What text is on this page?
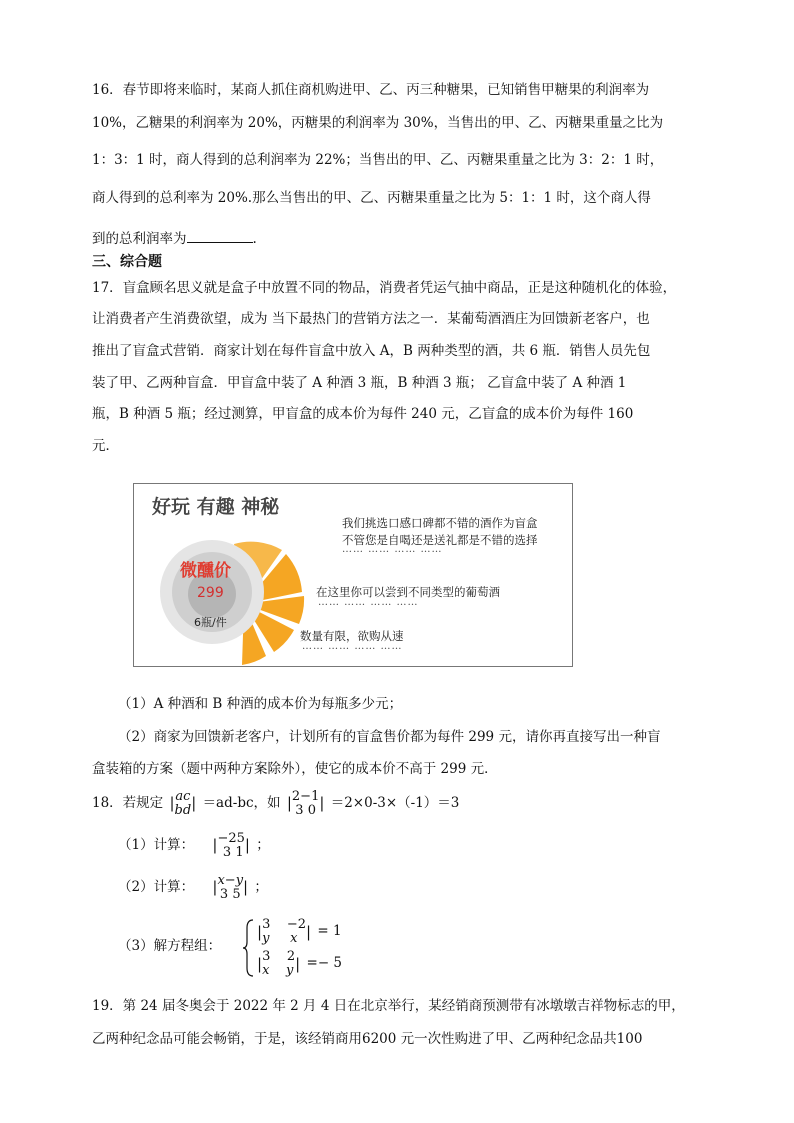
16．春节即将来临时，某商人抓住商机购进甲、乙、丙三种糖果，已知销售甲糖果的利润率为
10%，乙糖果的利润率为 20%，丙糖果的利润率为 30%，当售出的甲、乙、丙糖果重量之比为
1：3：1 时，商人得到的总利润率为 22%；当售出的甲、乙、丙糖果重量之比为 3：2：1 时，
商人得到的总利率为 20%.那么当售出的甲、乙、丙糖果重量之比为 5：1：1 时，这个商人得
到的总利润率为	.
三、综合题
17．盲盒顾名思义就是盒子中放置不同的物品，消费者凭运气抽中商品，正是这种随机化的体验，
让消费者产生消费欲望，成为 当下最热门的营销方法之一．某葡萄酒酒庄为回馈新老客户，也
推出了盲盒式营销．商家计划在每件盲盒中放入 A，B 两种类型的酒，共 6 瓶．销售人员先包
装了甲、乙两种盲盒．甲盲盒中装了 A 种酒 3 瓶，B 种酒 3 瓶； 乙盲盒中装了 A 种酒 1
瓶，B 种酒 5 瓶；经过测算，甲盲盒的成本价为每件 240 元，乙盲盒的成本价为每件 160
元．
好玩 有趣 神秘
微醺价
299
6瓶/件
我们挑选口感口碑都不错的酒作为盲盒
不管您是自喝还是送礼都是不错的选择
…… …… …… ……
在这里你可以尝到不同类型的葡萄酒
…… …… …… ……
数量有限，欲购从速
…… …… …… ……
（1）A 种酒和 B 种酒的成本价为每瓶多少元；
（2）商家为回馈新老客户，计划所有的盲盒售价都为每件 299 元，请你再直接写出一种盲
盒装箱的方案（题中两种方案除外），使它的成本价不高于 299 元．
18．若规定 |ac
bd| ＝ad-bc，如 |2−1
3 0 | ＝2×0-3×（-1）＝3
（1）计算： |−25
3 1| ；
（2）计算： |x−y
3 5 | ；
（3）解方程组：
|3 −2
y x | = 1
|3 2
x y | =− 5
19．第 24 届冬奥会于 2022 年 2 月 4 日在北京举行，某经销商预测带有冰墩墩吉祥物标志的甲，
乙两种纪念品可能会畅销，于是，该经销商用6200 元一次性购进了甲、乙两种纪念品共100
